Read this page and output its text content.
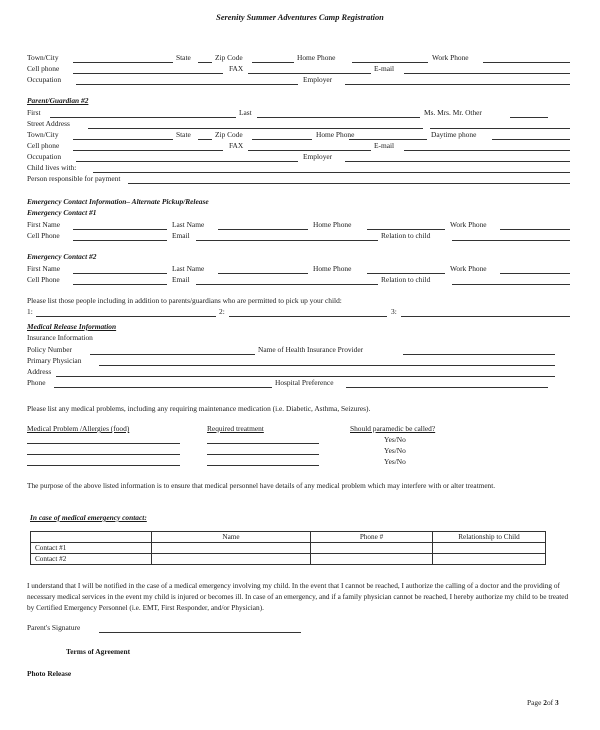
Serenity Summer Adventures Camp Registration
Town/City	State	Zip Code	Home Phone	Work Phone
Cell phone	FAX	E-mail
Occupation	Employer
Parent/Guardian #2
First	Last	Ms. Mrs. Mr. Other
Street Address
Town/City	State	Zip Code	Home Phone	Daytime phone
Cell phone	FAX	E-mail
Occupation	Employer
Child lives with:
Person responsible for payment
Emergency Contact Information– Alternate Pickup/Release
Emergency Contact #1
First Name	Last Name	Home Phone	Work Phone
Cell Phone	Email	Relation to child
Emergency Contact #2
First Name	Last Name	Home Phone	Work Phone
Cell Phone	Email	Relation to child
Please list those people including in addition to parents/guardians who are permitted to pick up your child:
1:	2:	3:
Medical Release Information
Insurance Information
Policy Number	Name of Health Insurance Provider
Primary Physician
Address
Phone	Hospital Preference
Please list any medical problems, including any requiring maintenance medication (i.e. Diabetic, Asthma, Seizures).
Medical Problem /Allergies (food)	Required treatment	Should paramedic be called?
Yes/No
Yes/No
Yes/No
The purpose of the above listed information is to ensure that medical personnel have details of any medical problem which may interfere with or alter treatment.
In case of medical emergency contact:
	Name	Phone #	Relationship to Child
Contact #1			
Contact #2			
I understand that I will be notified in the case of a medical emergency involving my child. In the event that I cannot be reached, I authorize the calling of a doctor and the providing of necessary medical services in the event my child is injured or becomes ill. In case of an emergency, and if a family physician cannot be reached, I hereby authorize my child to be treated by Certified Emergency Personnel (i.e. EMT, First Responder, and/or Physician).
Parent's Signature
Terms of Agreement
Photo Release
Page 2of 3
